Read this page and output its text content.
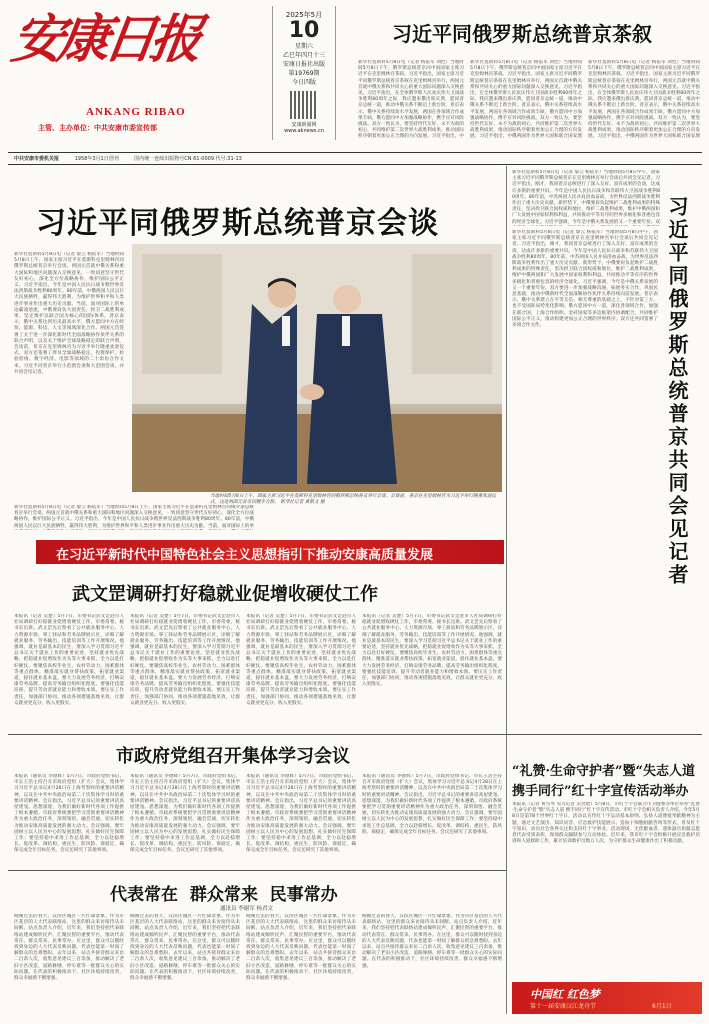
安康日报
ANKANG RIBAO
主管、主办单位：中共安康市委宣传部
2025年5月
10
星期六
乙巳年四月十三
安康日报社出版
第19769期
今日四版
安康新闻网
www.aknews.cn
习近平同俄罗斯总统普京茶叙
新华社莫斯科5月8日电（记者 杨依军 刘恺）当地时间5月8日下午，俄罗斯总统普京同中国国家主席习近平在克里姆林宫茶叙。习近平指出，国家主席习近平同俄罗斯总统普京茶叙在克里姆林宫举行，两国元首就中俄关系和共同关心的重大国际问题深入交换意见。习近平指出，在全体俄罗斯人民欢庆伟大卫国战争胜利80周年之际，我应邀来俄出席庆典，愿同普京总统一道，推动中俄关系不断迈上新台阶。普京表示，俄中关系持续高水平发展，两国在各领域合作成果丰硕，俄方愿同中方加强战略协作，携手应对风险挑战。双方一致认为，要坚持世代友好、永不为敌的初心，共同维护第二次世界大战胜利成果，推动国际秩序朝着更加公正合理的方向发展。习近平指出，中
新华社莫斯科5月8日电（记者 杨依军 刘恺）当地时间5月8日下午，俄罗斯总统普京同中国国家主席习近平在克里姆林宫茶叙。习近平指出，国家主席习近平同俄罗斯总统普京茶叙在克里姆林宫举行，两国元首就中俄关系和共同关心的重大国际问题深入交换意见。习近平指出，在全体俄罗斯人民欢庆伟大卫国战争胜利80周年之际，我应邀来俄出席庆典，愿同普京总统一道，推动中俄关系不断迈上新台阶。普京表示，俄中关系持续高水平发展，两国在各领域合作成果丰硕，俄方愿同中方加强战略协作，携手应对风险挑战。双方一致认为，要坚持世代友好、永不为敌的初心，共同维护第二次世界大战胜利成果，推动国际秩序朝着更加公正合理的方向发展。习近平指出，中俄两国作为世界大国和联合国安理
新华社莫斯科5月8日电（记者 杨依军 刘恺）当地时间5月8日下午，俄罗斯总统普京同中国国家主席习近平在克里姆林宫茶叙。习近平指出，国家主席习近平同俄罗斯总统普京茶叙在克里姆林宫举行，两国元首就中俄关系和共同关心的重大国际问题深入交换意见。习近平指出，在全体俄罗斯人民欢庆伟大卫国战争胜利80周年之际，我应邀来俄出席庆典，愿同普京总统一道，推动中俄关系不断迈上新台阶。普京表示，俄中关系持续高水平发展，两国在各领域合作成果丰硕，俄方愿同中方加强战略协作，携手应对风险挑战。双方一致认为，要坚持世代友好、永不为敌的初心，共同维护第二次世界大战胜利成果，推动国际秩序朝着更加公正合理的方向发展。习近平指出，中俄两国作为世界大国和联合国安理
中共安康市委机关报	1958年3月1日创刊	国内统一连续出版物号CN 61-0009 代号:31-13
习近平同俄罗斯总统普京会谈
新华社莫斯科5月8日电（记者 黎云 杨依军）当地时间5月8日上午，国家主席习近平在莫斯科克里姆林宫同俄罗斯总统普京举行会谈。两国元首就中俄关系和重大国际和地区问题深入交换意见，一致同意坚守世代友好初心，深化全方位战略协作，维护国际公平正义。习近平指出，今年是中国人民抗日战争暨世界反法西斯战争胜利80周年。80年前，中俄两国人民以巨大民族牺牲，赢得伟大胜利，为维护世界和平和人类进步事业作出重大历史贡献。当前，面对国际上的单边霸凌逆流，中俄要肩负大国责任，捍卫二战胜利成果，坚定维护以联合国为核心的国际体系。普京表示，俄中关系达到历史最高水平，俄方愿同中方在经贸、能源、科技、人文等领域深化合作。两国元首签署了关于进一步深化新时代全面战略协作伙伴关系的联合声明，以及关于维护全球战略稳定的联合声明。会谈前，普京在克里姆林宫为习近平举行隆重欢迎仪式。双方还签署了涉及全球战略稳定、投资保护、检验检疫、数字经济、电影等领域的二十余份合作文本。习近平同普京举行小范围会谈和大范围会谈，并共同会见记者。
新华社莫斯科5月8日电（记者 黎云 杨依军）当地时间5月8日上午，国家主席习近平在莫斯科克里姆林宫同俄罗斯总统普京举行会谈。两国元首就中俄关系和重大国际和地区问题深入交换意见，一致同意坚守世代友好初心，深化全方位战略协作，维护国际公平正义。习近平指出，今年是中国人民抗日战争暨世界反法西斯战争胜利80周年。80年前，中俄两国人民以巨大民族牺牲，赢得伟大胜利，为维护世界和平和人类进步事业作出重大历史贡献。当前，面对国际上的单
当地时间5月8日上午，国家主席习近平在莫斯科克里姆林宫同俄罗斯总统普京举行会谈。会谈前，普京在克里姆林宫为习近平举行隆重欢迎仪式。这是两国元首亲切握手合影。 新华社记者 黄敬文 摄
新华社莫斯科5月8日电（记者 黎云 杨依军）当地时间5月8日中午，国家主席习近平同俄罗斯总统普京在克里姆林宫举行会谈后共同会见记者。习近平指出，刚才，我同普京总统进行了深入友好、富有成果的会谈，达成许多新的重要共识。今年是中国人民抗日战争和苏联伟大卫国战争胜利80周年。80年前，中苏两国人民并肩浴血奋战，为世界反法西斯战争胜利作出了重大历史贡献。新形势下，中俄要肩负起维护二战胜利成果的特殊责任，坚决捍卫联合国权威和地位，维护二战胜利成果，维护中俄两国和广大发展中国家权利和利益，共同推动平等有序的世界多极化和普惠包容的经济全球化。习近平强调，今年是中俄关系发展的又一个重要年份。双 习近平同俄罗斯总统普京共同会见记者
新华社莫斯科5月8日电（记者 黎云 杨依军）当地时间5月8日中午，国家主席习近平同俄罗斯总统普京在克里姆林宫举行会谈后共同会见记者。习近平指出，刚才，我同普京总统进行了深入友好、富有成果的会谈，达成许多新的重要共识。今年是中国人民抗日战争和苏联伟大卫国战争胜利80周年。80年前，中苏两国人民并肩浴血奋战，为世界反法西斯战争胜利作出了重大历史贡献。新形势下，中俄要肩负起维护二战胜利成果的特殊责任，坚决捍卫联合国权威和地位，维护二战胜利成果，维护中俄两国和广大发展中国家权利和利益，共同推动平等有序的世界多极化和普惠包容的经济全球化。习近平强调，今年是中俄关系发展的又一个重要年份。双方要进一步加强战略沟通，拓展务实合作，巩固民意基础，推动中俄新时代全面战略协作伙伴关系持续向前发展。普京表示，俄中关系建立在平等互信、相互尊重的基础之上，不针对第三方，也不受国际局势变化影响。俄方愿同中方一道，深化各领域合作，加强在联合国、上海合作组织、金砖国家等多边框架内协调配合，共同维护国际公平正义，推动构建更加公正合理的世界秩序。双方还共同签署了多项合作文件。
在习近平新时代中国特色社会主义思想指引下推动安康高质量发展
武文罡调研打好稳就业促增收硬仗工作
本报讯（记者 吴楚）5月7日，市委书记武文罡赴市人社局调研打好稳就业促增收硬仗工作，市委常委、秘书长出席。武文罡先后察看了公共就业服务中心、人力资源市场、零工驿站和劳务品牌展示区，详细了解就业服务、劳务输出、技能培训等工作开展情况。他强调，就业是最基本的民生，要深入学习贯彻习近平总书记关于就业工作的重要论述，坚持就业优先战略，把稳就业促增收作为头等大事来抓，全力以赴打好硬仗。要聚焦高校毕业生、农村劳动力、困难群体等重点群体，精准落实就业帮扶政策，拓宽就业渠道，稳住就业基本盘。要大力发展劳务经济，打响安康劳务品牌，提高劳务输出组织化程度。要强化技能培训，提升劳动者就业能力和增收本领。要压实工作责任，加强部门协同，推动各项措施落地见效，让群众就业更充分、收入更殷实。
本报讯（记者 吴楚）5月7日，市委书记武文罡赴市人社局调研打好稳就业促增收硬仗工作，市委常委、秘书长出席。武文罡先后察看了公共就业服务中心、人力资源市场、零工驿站和劳务品牌展示区，详细了解就业服务、劳务输出、技能培训等工作开展情况。他强调，就业是最基本的民生，要深入学习贯彻习近平总书记关于就业工作的重要论述，坚持就业优先战略，把稳就业促增收作为头等大事来抓，全力以赴打好硬仗。要聚焦高校毕业生、农村劳动力、困难群体等重点群体，精准落实就业帮扶政策，拓宽就业渠道，稳住就业基本盘。要大力发展劳务经济，打响安康劳务品牌，提高劳务输出组织化程度。要强化技能培训，提升劳动者就业能力和增收本领。要压实工作责任，加强部门协同，推动各项措施落地见效，让群众就业更充分、收入更殷实。
本报讯（记者 吴楚）5月7日，市委书记武文罡赴市人社局调研打好稳就业促增收硬仗工作，市委常委、秘书长出席。武文罡先后察看了公共就业服务中心、人力资源市场、零工驿站和劳务品牌展示区，详细了解就业服务、劳务输出、技能培训等工作开展情况。他强调，就业是最基本的民生，要深入学习贯彻习近平总书记关于就业工作的重要论述，坚持就业优先战略，把稳就业促增收作为头等大事来抓，全力以赴打好硬仗。要聚焦高校毕业生、农村劳动力、困难群体等重点群体，精准落实就业帮扶政策，拓宽就业渠道，稳住就业基本盘。要大力发展劳务经济，打响安康劳务品牌，提高劳务输出组织化程度。要强化技能培训，提升劳动者就业能力和增收本领。要压实工作责任，加强部门协同，推动各项措施落地见效，让群众就业更充分、收入更殷实。
本报讯（记者 吴楚）5月7日，市委书记武文罡赴市人社局调研打好稳就业促增收硬仗工作，市委常委、秘书长出席。武文罡先后察看了公共就业服务中心、人力资源市场、零工驿站和劳务品牌展示区，详细了解就业服务、劳务输出、技能培训等工作开展情况。他强调，就业是最基本的民生，要深入学习贯彻习近平总书记关于就业工作的重要论述，坚持就业优先战略，把稳就业促增收作为头等大事来抓，全力以赴打好硬仗。要聚焦高校毕业生、农村劳动力、困难群体等重点群体，精准落实就业帮扶政策，拓宽就业渠道，稳住就业基本盘。要大力发展劳务经济，打响安康劳务品牌，提高劳务输出组织化程度。要强化技能培训，提升劳动者就业能力和增收本领。要压实工作责任，加强部门协同，推动各项措施落地见效，让群众就业更充分、收入更殷实。
市政府党组召开集体学习会议
本报讯（通讯员 李德辉）5月7日，市政府党组书记、市长王浩主持召开市政府党组（扩大）会议，集体学习习近平总书记4月28日在上海考察时的重要讲话精神，以及在中共中央政治局第二十次集体学习时的重要讲话精神。会议指出，习近平总书记的重要讲话高屋建瓴、思想深邃，为我们做好新时代各项工作提供了根本遵循。市政府系统要把学习贯彻重要讲话精神作为重大政治任务，深刻领悟、融会贯通，切实转化为推动安康高质量发展的强大动力。会议强调，要牢固树立以人民为中心的发展思想，扎实做好民生保障工作；要坚持稳中求进工作总基调，全力以赴稳增长、促改革、调结构、惠民生、防风险、保稳定，确保完成全年目标任务。会议还研究了其他事项。
本报讯（通讯员 李德辉）5月7日，市政府党组书记、市长王浩主持召开市政府党组（扩大）会议，集体学习习近平总书记4月28日在上海考察时的重要讲话精神，以及在中共中央政治局第二十次集体学习时的重要讲话精神。会议指出，习近平总书记的重要讲话高屋建瓴、思想深邃，为我们做好新时代各项工作提供了根本遵循。市政府系统要把学习贯彻重要讲话精神作为重大政治任务，深刻领悟、融会贯通，切实转化为推动安康高质量发展的强大动力。会议强调，要牢固树立以人民为中心的发展思想，扎实做好民生保障工作；要坚持稳中求进工作总基调，全力以赴稳增长、促改革、调结构、惠民生、防风险、保稳定，确保完成全年目标任务。会议还研究了其他事项。
本报讯（通讯员 李德辉）5月7日，市政府党组书记、市长王浩主持召开市政府党组（扩大）会议，集体学习习近平总书记4月28日在上海考察时的重要讲话精神，以及在中共中央政治局第二十次集体学习时的重要讲话精神。会议指出，习近平总书记的重要讲话高屋建瓴、思想深邃，为我们做好新时代各项工作提供了根本遵循。市政府系统要把学习贯彻重要讲话精神作为重大政治任务，深刻领悟、融会贯通，切实转化为推动安康高质量发展的强大动力。会议强调，要牢固树立以人民为中心的发展思想，扎实做好民生保障工作；要坚持稳中求进工作总基调，全力以赴稳增长、促改革、调结构、惠民生、防风险、保稳定，确保完成全年目标任务。会议还研究了其他事项。
本报讯（通讯员 李德辉）5月7日，市政府党组书记、市长王浩主持召开市政府党组（扩大）会议，集体学习习近平总书记4月28日在上海考察时的重要讲话精神，以及在中共中央政治局第二十次集体学习时的重要讲话精神。会议指出，习近平总书记的重要讲话高屋建瓴、思想深邃，为我们做好新时代各项工作提供了根本遵循。市政府系统要把学习贯彻重要讲话精神作为重大政治任务，深刻领悟、融会贯通，切实转化为推动安康高质量发展的强大动力。会议强调，要牢固树立以人民为中心的发展思想，扎实做好民生保障工作；要坚持稳中求进工作总基调，全力以赴稳增长、促改革、调结构、惠民生、防风险、保稳定，确保完成全年目标任务。会议还研究了其他事项。
“礼赞·生命守护者”暨“失志人道
携手同行”红十字宣传活动举办
本报讯（记者 黄雪琴 见习记者 吴翌珺）5月8日，市红十字会联合市卫健委等单位举办“礼赞·生命守护者”暨“失志人道 携手同行”红十字宣传活动。市红十字会相关负责人介绍，今年5月8日是第78个世界红十字日，活动以宣传红十字运动基本原则、弘扬人道博爱奉献精神为主题，通过文艺演出、知识问答、应急救护技能展示、造血干细胞捐献咨询等形式，普及红十字知识，动员社会各界关注和支持红十字事业。活动现场，无偿献血者、遗体器官捐献志愿者代表受到表彰，现场群众踊跃参与互动体验。近年来，我市红十字会积极开展应急救护培训和人道救助工作，累计培训救护员数万人次，为守护群众生命健康作出了积极贡献。
中国红 红色梦
第十一届安康汉江龙舟节	6月1日
代表常在  群众常来  民事常办
通讯员 李谢军 杨君文
刚刚过去的春天，汉滨区城区一片忙碌景象。作为市区基层的人大代表联络站，这里的群众来访接待从未间断。站点负责人介绍，近年来，我们坚持把代表联络站建成倾听民声、汇聚民智的重要平台，推动代表常在、群众常来、民事常办。在这里，群众可以随时找到身边的人大代表反映问题，代表也能第一时间了解群众的急难愁盼。去年以来，站点共接待群众来访二百余人次，收集意见建议三百余条，推动解决了老旧小区改造、道路修缮、停车难等一批群众关心的实际问题。在代表的积极推动下，社区环境持续改善，群众幸福感不断增强。
刚刚过去的春天，汉滨区城区一片忙碌景象。作为市区基层的人大代表联络站，这里的群众来访接待从未间断。站点负责人介绍，近年来，我们坚持把代表联络站建成倾听民声、汇聚民智的重要平台，推动代表常在、群众常来、民事常办。在这里，群众可以随时找到身边的人大代表反映问题，代表也能第一时间了解群众的急难愁盼。去年以来，站点共接待群众来访二百余人次，收集意见建议三百余条，推动解决了老旧小区改造、道路修缮、停车难等一批群众关心的实际问题。在代表的积极推动下，社区环境持续改善，群众幸福感不断增强。
刚刚过去的春天，汉滨区城区一片忙碌景象。作为市区基层的人大代表联络站，这里的群众来访接待从未间断。站点负责人介绍，近年来，我们坚持把代表联络站建成倾听民声、汇聚民智的重要平台，推动代表常在、群众常来、民事常办。在这里，群众可以随时找到身边的人大代表反映问题，代表也能第一时间了解群众的急难愁盼。去年以来，站点共接待群众来访二百余人次，收集意见建议三百余条，推动解决了老旧小区改造、道路修缮、停车难等一批群众关心的实际问题。在代表的积极推动下，社区环境持续改善，群众幸福感不断增强。
刚刚过去的春天，汉滨区城区一片忙碌景象。作为市区基层的人大代表联络站，这里的群众来访接待从未间断。站点负责人介绍，近年来，我们坚持把代表联络站建成倾听民声、汇聚民智的重要平台，推动代表常在、群众常来、民事常办。在这里，群众可以随时找到身边的人大代表反映问题，代表也能第一时间了解群众的急难愁盼。去年以来，站点共接待群众来访二百余人次，收集意见建议三百余条，推动解决了老旧小区改造、道路修缮、停车难等一批群众关心的实际问题。在代表的积极推动下，社区环境持续改善，群众幸福感不断增强。
